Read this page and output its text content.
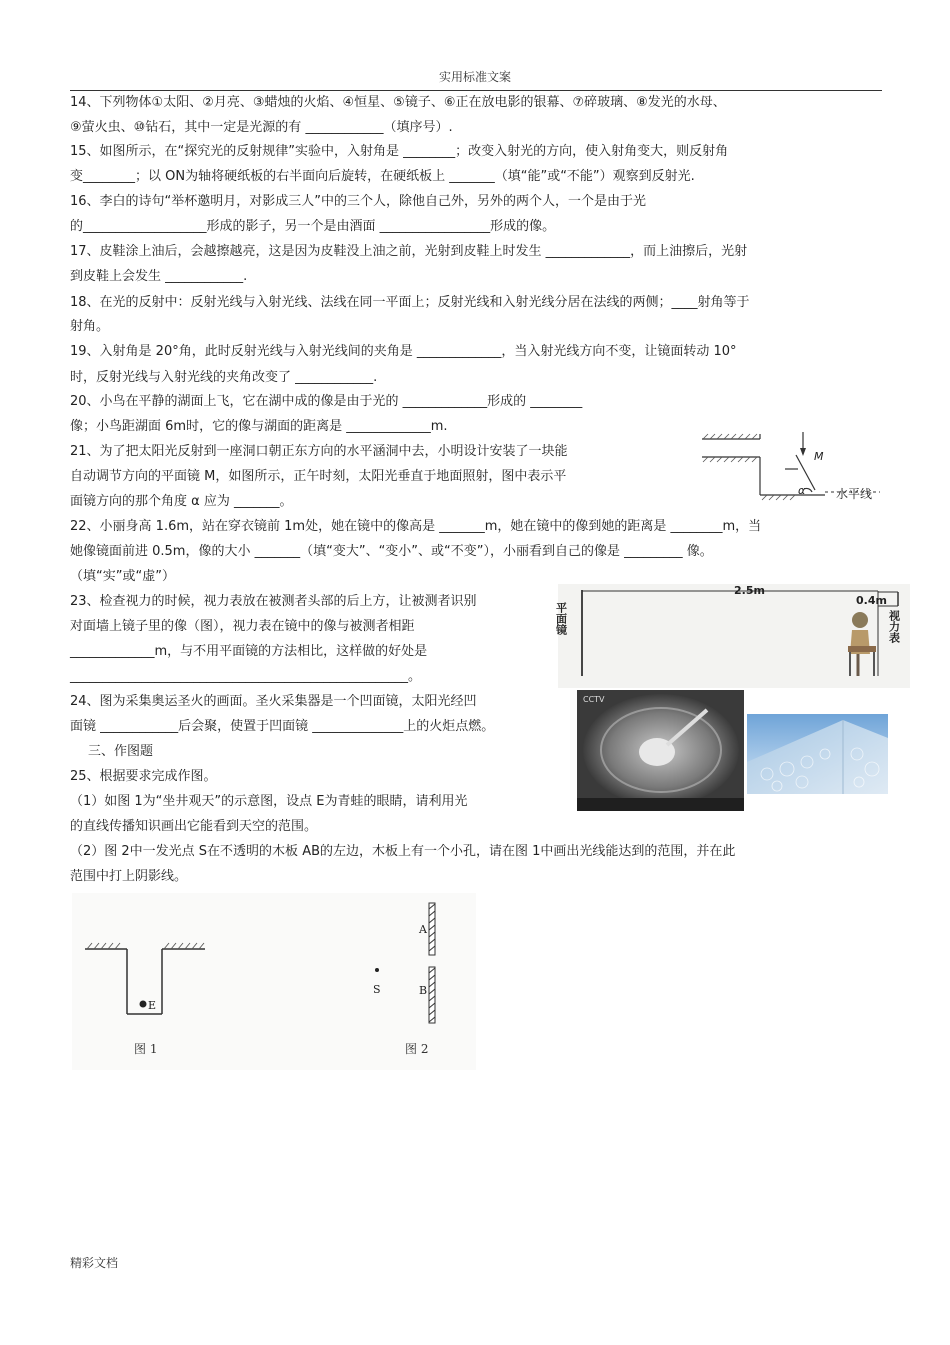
实用标准文案
14、下列物体①太阳、②月亮、③蜡烛的火焰、④恒星、⑤镜子、⑥正在放电影的银幕、⑦碎玻璃、⑧发光的水母、
⑨萤火虫、⑩钻石，其中一定是光源的有 ____________（填序号）.
15、如图所示，在“探究光的反射规律”实验中，入射角是 ________；改变入射光的方向，使入射角变大，则反射角
变________；以 ON为轴将硬纸板的右半面向后旋转，在硬纸板上 _______（填“能”或“不能”）观察到反射光.
16、李白的诗句“举杯邀明月，对影成三人”中的三个人，除他自己外，另外的两个人，一个是由于光
的___________________形成的影子，另一个是由酒面 _________________形成的像。
17、皮鞋涂上油后，会越擦越亮，这是因为皮鞋没上油之前，光射到皮鞋上时发生 _____________，而上油擦后，光射
到皮鞋上会发生 ____________.
18、在光的反射中：反射光线与入射光线、法线在同一平面上；反射光线和入射光线分居在法线的两侧；____射角等于
射角。
19、入射角是 20°角，此时反射光线与入射光线间的夹角是 _____________，当入射光线方向不变，让镜面转动 10°
时，反射光线与入射光线的夹角改变了 ____________.
20、小鸟在平静的湖面上飞，它在湖中成的像是由于光的 _____________形成的 ________
像；小鸟距湖面 6m时，它的像与湖面的距离是 _____________m.
21、为了把太阳光反射到一座洞口朝正东方向的水平涵洞中去，小明设计安装了一块能
自动调节方向的平面镜 M，如图所示，正午时刻，太阳光垂直于地面照射，图中表示平
面镜方向的那个角度 α 应为 _______。
22、小丽身高 1.6m，站在穿衣镜前 1m处，她在镜中的像高是 _______m，她在镜中的像到她的距离是 ________m，当
她像镜面前进 0.5m，像的大小 _______（填“变大”、“变小”、或“不变”），小丽看到自己的像是 _________ 像。
（填“实”或“虚”）
23、检查视力的时候，视力表放在被测者头部的后上方，让被测者识别
对面墙上镜子里的像（图），视力表在镜中的像与被测者相距
_____________m，与不用平面镜的方法相比，这样做的好处是
____________________________________________________。
24、图为采集奥运圣火的画面。圣火采集器是一个凹面镜，太阳光经凹
面镜 ____________后会聚，使置于凹面镜 ______________上的火炬点燃。
三、作图题
25、根据要求完成作图。
（1）如图 1为“坐井观天”的示意图，设点 E为青蛙的眼睛，请利用光
的直线传播知识画出它能看到天空的范围。
（2）图 2中一发光点 S在不透明的木板 AB的左边，木板上有一个小孔，请在图 1中画出光线能达到的范围，并在此
范围中打上阴影线。
M
α	水平线
平面镜
2.5m
0.4m
视力表
CCTV
E
图 1
A
B
S
图 2
精彩文档
